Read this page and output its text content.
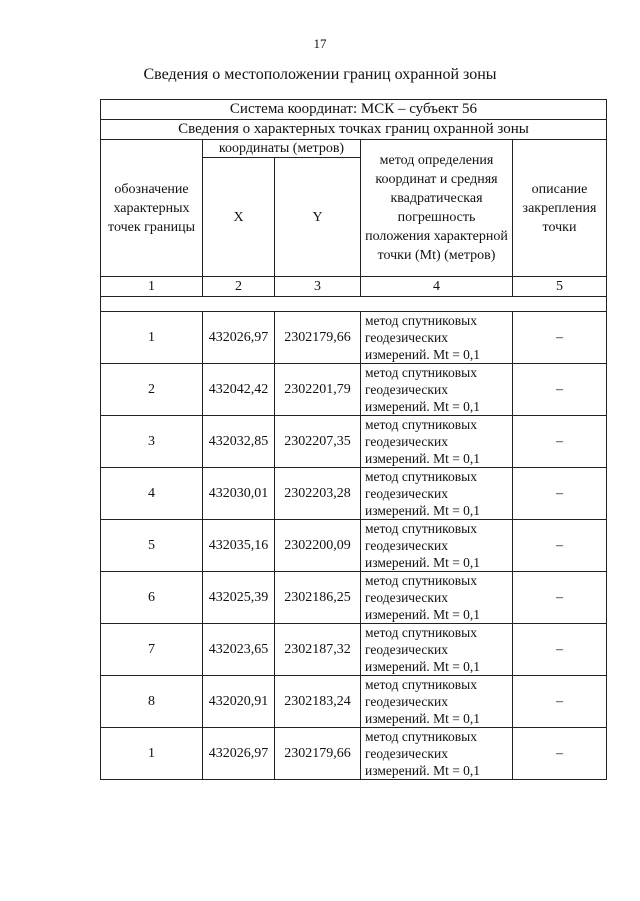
17
Сведения о местоположении границ охранной зоны
Система координат: МСК – субъект 56				
Сведения о характерных точках границ охранной зоны				
обозначение характерных точек границы	координаты (метров)		метод определения координат и средняя квадратическая погрешность положения характерной точки (Mt) (метров)	описание закрепления точки
	X	Y		
1	2	3	4	5

1	432026,97	2302179,66	метод спутниковых геодезических измерений. Mt = 0,1	–
2	432042,42	2302201,79	метод спутниковых геодезических измерений. Mt = 0,1	–
3	432032,85	2302207,35	метод спутниковых геодезических измерений. Mt = 0,1	–
4	432030,01	2302203,28	метод спутниковых геодезических измерений. Mt = 0,1	–
5	432035,16	2302200,09	метод спутниковых геодезических измерений. Mt = 0,1	–
6	432025,39	2302186,25	метод спутниковых геодезических измерений. Mt = 0,1	–
7	432023,65	2302187,32	метод спутниковых геодезических измерений. Mt = 0,1	–
8	432020,91	2302183,24	метод спутниковых геодезических измерений. Mt = 0,1	–
1	432026,97	2302179,66	метод спутниковых геодезических измерений. Mt = 0,1	–
